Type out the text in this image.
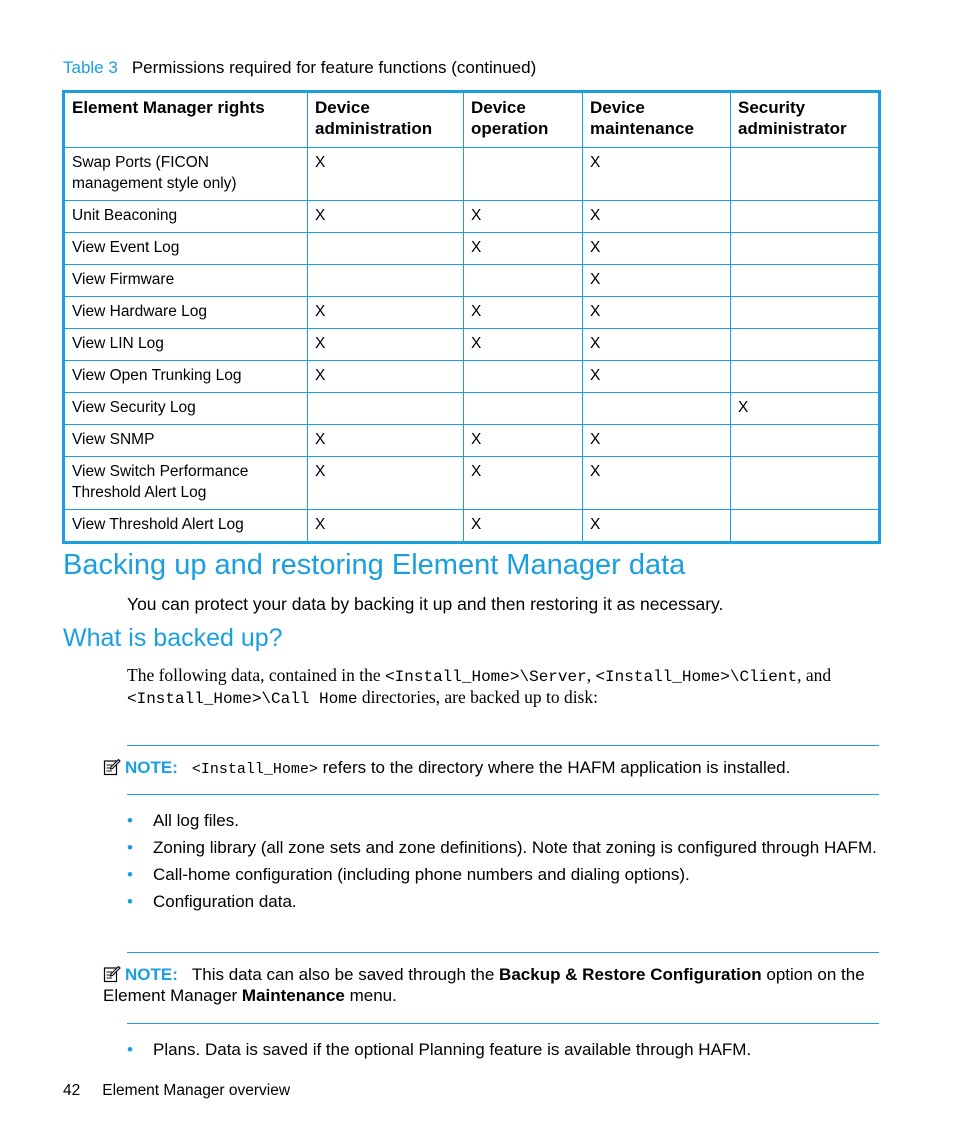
Table 3 Permissions required for feature functions (continued)
Element Manager rights	Device administration	Device operation	Device maintenance	Security administrator
Swap Ports (FICON management style only)	X		X	
Unit Beaconing	X	X	X	
View Event Log		X	X	
View Firmware			X	
View Hardware Log	X	X	X	
View LIN Log	X	X	X	
View Open Trunking Log	X		X	
View Security Log				X
View SNMP	X	X	X	
View Switch Performance Threshold Alert Log	X	X	X	
View Threshold Alert Log	X	X	X	
Backing up and restoring Element Manager data

You can protect your data by backing it up and then restoring it as necessary.

What is backed up?

The following data, contained in the <Install_Home>\Server, <Install_Home>\Client, and <Install_Home>\Call Home directories, are backed up to disk:

NOTE: <Install_Home> refers to the directory where the HAFM application is installed.
• All log files.
• Zoning library (all zone sets and zone definitions). Note that zoning is configured through HAFM.
• Call-home configuration (including phone numbers and dialing options).
• Configuration data.
NOTE: This data can also be saved through the Backup & Restore Configuration option on the Element Manager Maintenance menu.
• Plans. Data is saved if the optional Planning feature is available through HAFM.
42 Element Manager overview
